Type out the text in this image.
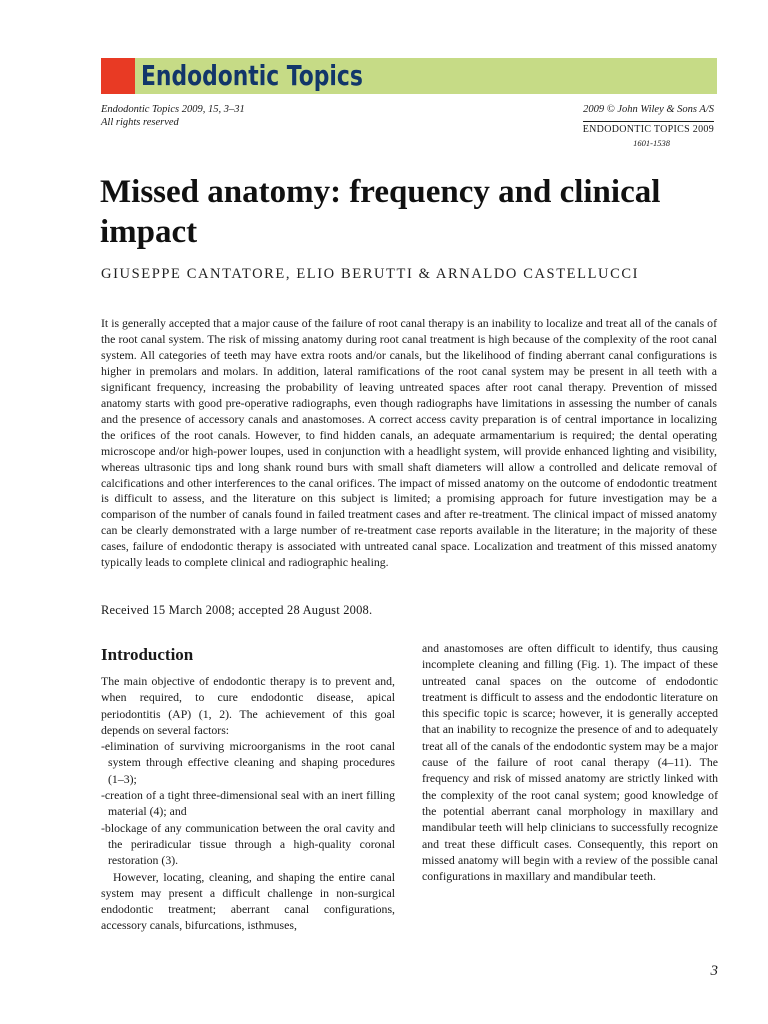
Endodontic Topics
Endodontic Topics 2009, 15, 3–31
All rights reserved
2009 © John Wiley & Sons A/S
ENDODONTIC TOPICS 2009
1601-1538
Missed anatomy: frequency and clinical impact
GIUSEPPE CANTATORE, ELIO BERUTTI & ARNALDO CASTELLUCCI

It is generally accepted that a major cause of the failure of root canal therapy is an inability to localize and treat all of the canals of the root canal system. The risk of missing anatomy during root canal treatment is high because of the complexity of the root canal system. All categories of teeth may have extra roots and/or canals, but the likelihood of finding aberrant canal configurations is higher in premolars and molars. In addition, lateral ramifications of the root canal system may be present in all teeth with a significant frequency, increasing the probability of leaving untreated spaces after root canal therapy. Prevention of missed anatomy starts with good pre-operative radiographs, even though radiographs have limitations in assessing the number of canals and the presence of accessory canals and anastomoses. A correct access cavity preparation is of central importance in localizing the orifices of the root canals. However, to find hidden canals, an adequate armamentarium is required; the dental operating microscope and/or high-power loupes, used in conjunction with a headlight system, will provide enhanced lighting and visibility, whereas ultrasonic tips and long shank round burs with small shaft diameters will allow a controlled and delicate removal of calcifications and other interferences to the canal orifices. The impact of missed anatomy on the outcome of endodontic treatment is difficult to assess, and the literature on this subject is limited; a promising approach for future investigation may be a comparison of the number of canals found in failed treatment cases and after re-treatment. The clinical impact of missed anatomy can be clearly demonstrated with a large number of re-treatment case reports available in the literature; in the majority of these cases, failure of endodontic therapy is associated with untreated canal space. Localization and treatment of this missed anatomy typically leads to complete clinical and radiographic healing.

Received 15 March 2008; accepted 28 August 2008.

Introduction

The main objective of endodontic therapy is to prevent and, when required, to cure endodontic disease, apical periodontitis (AP) (1, 2). The achievement of this goal depends on several factors:

-elimination of surviving microorganisms in the root canal system through effective cleaning and shaping procedures (1–3);

-creation of a tight three-dimensional seal with an inert filling material (4); and

-blockage of any communication between the oral cavity and the periradicular tissue through a high-quality coronal restoration (3).

However, locating, cleaning, and shaping the entire canal system may present a difficult challenge in non-surgical endodontic treatment; aberrant canal configurations, accessory canals, bifurcations, isthmuses,

and anastomoses are often difficult to identify, thus causing incomplete cleaning and filling (Fig. 1). The impact of these untreated canal spaces on the outcome of endodontic treatment is difficult to assess and the endodontic literature on this specific topic is scarce; however, it is generally accepted that an inability to recognize the presence of and to adequately treat all of the canals of the endodontic system may be a major cause of the failure of root canal therapy (4–11). The frequency and risk of missed anatomy are strictly linked with the complexity of the root canal system; good knowledge of the potential aberrant canal morphology in maxillary and mandibular teeth will help clinicians to successfully recognize and treat these difficult cases. Consequently, this report on missed anatomy will begin with a review of the possible canal configurations in maxillary and mandibular teeth.

3
